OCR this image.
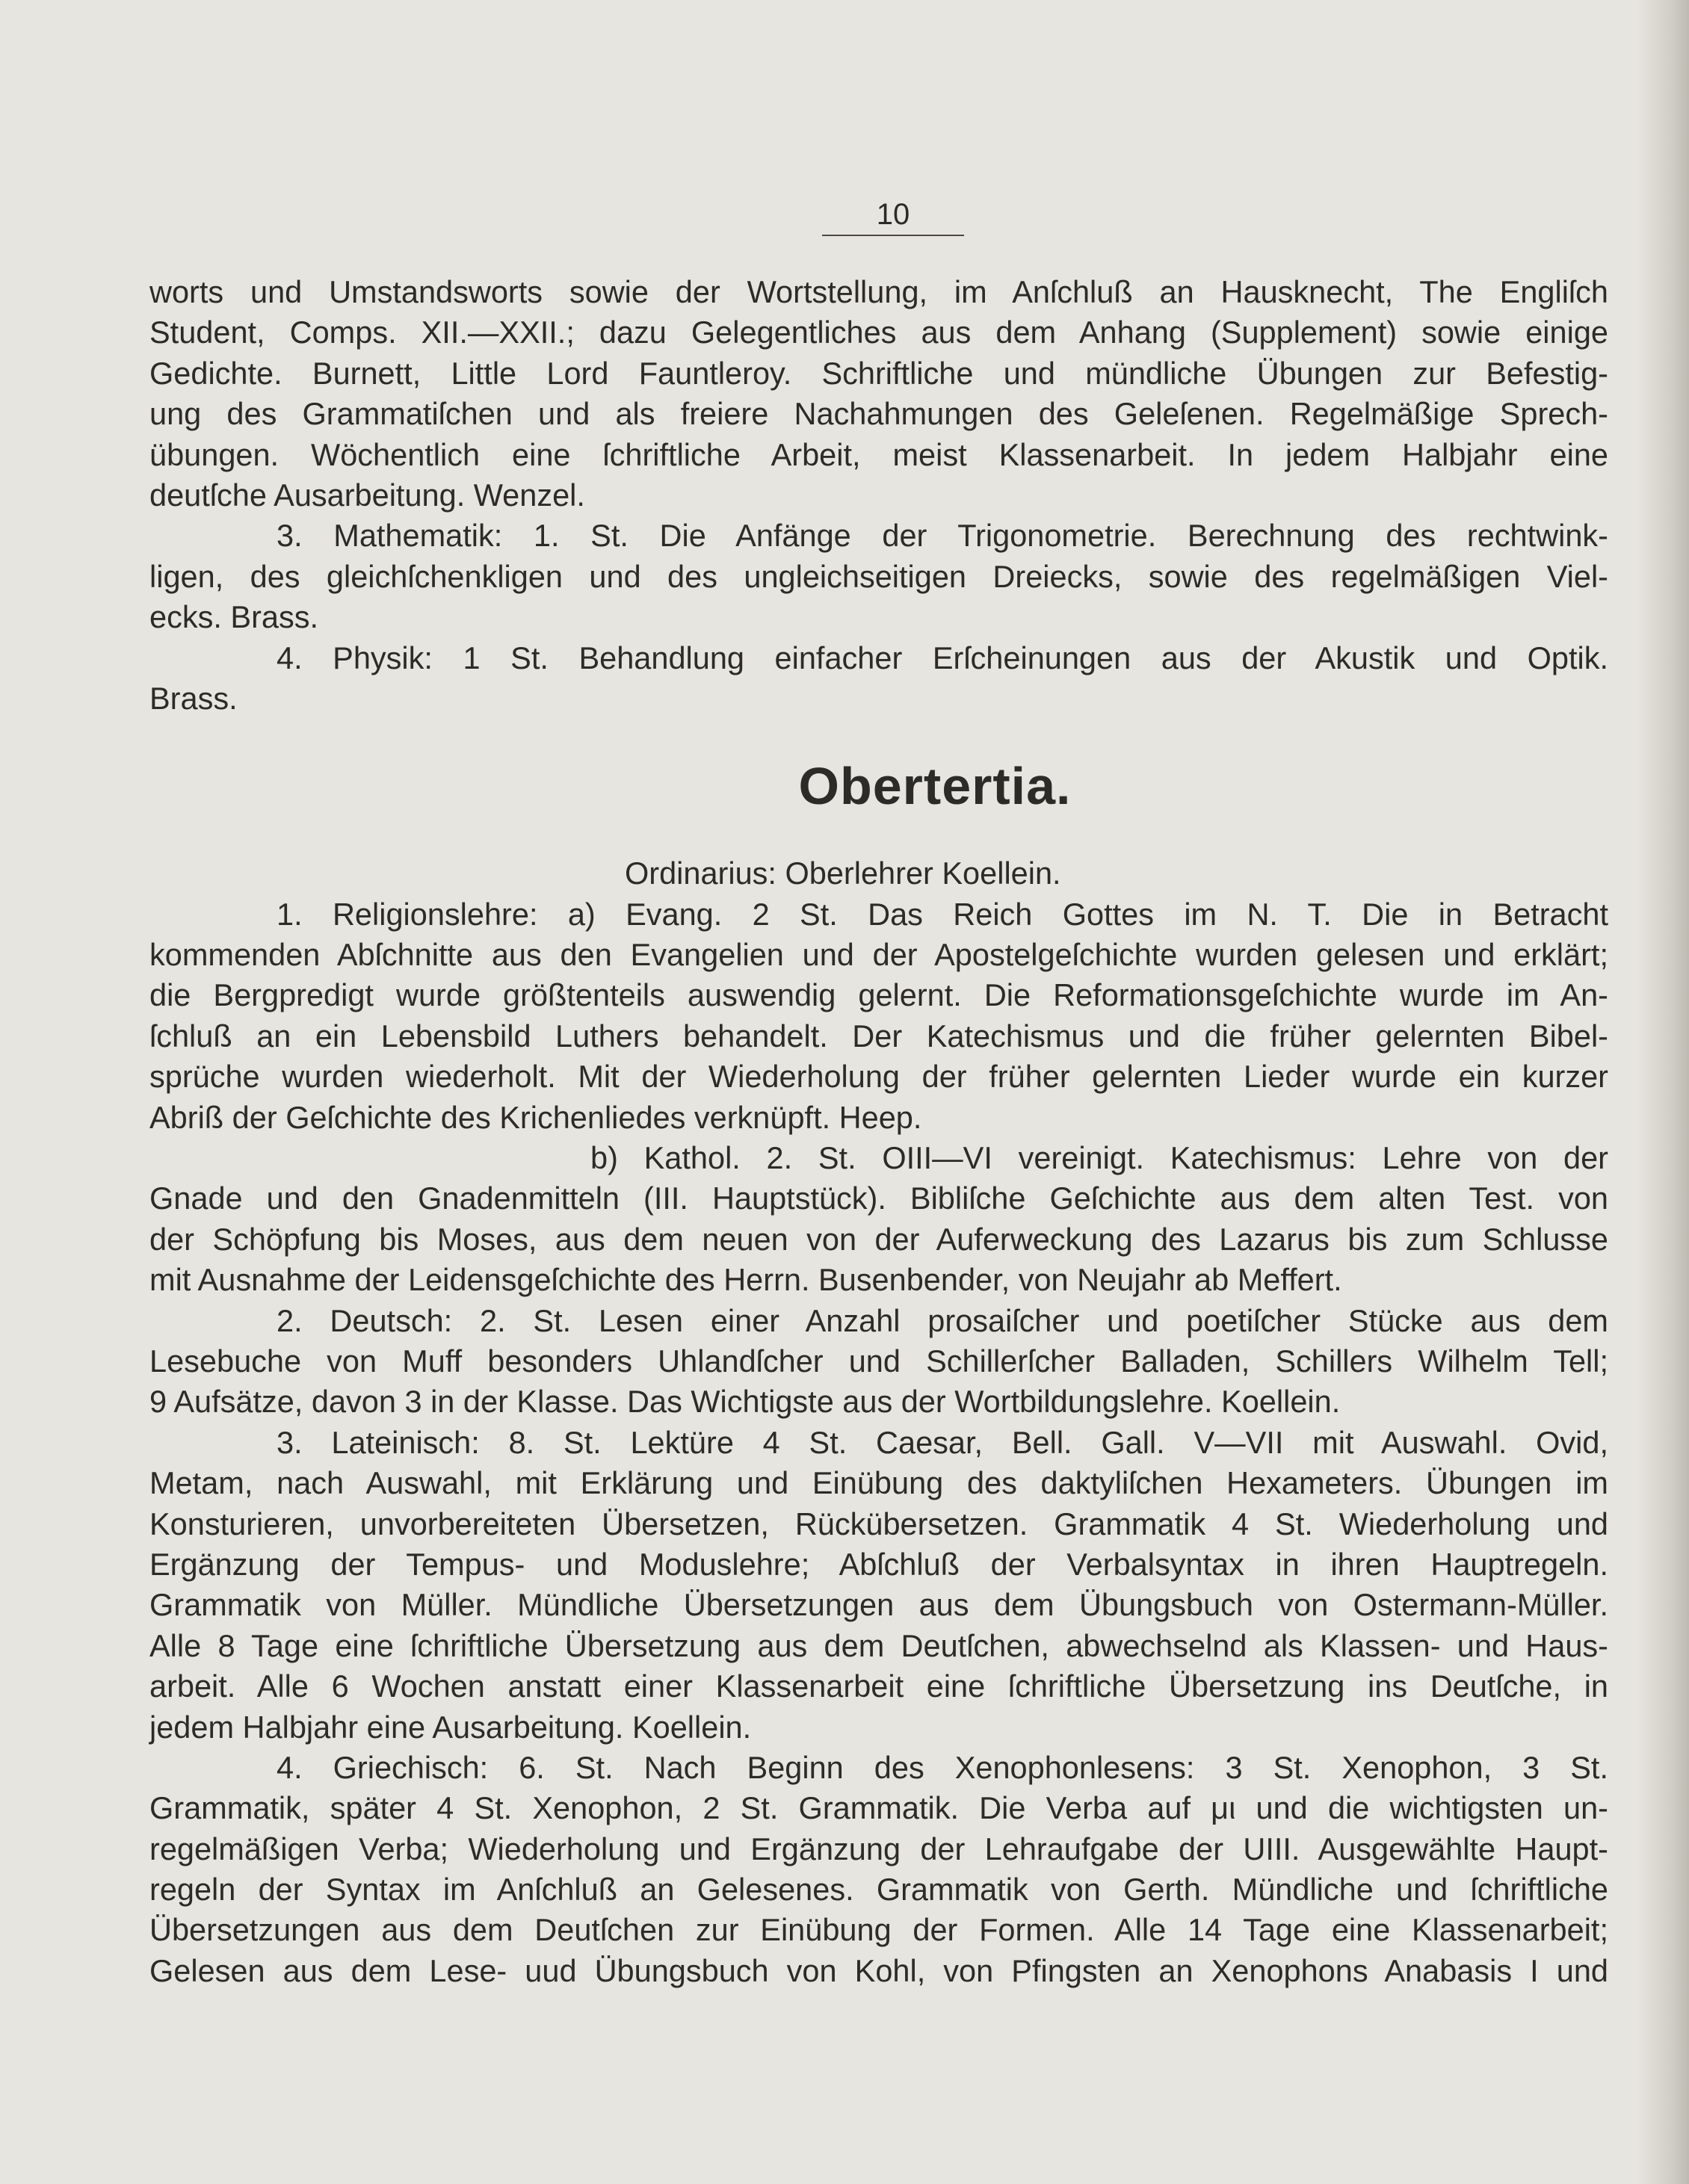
10
worts und Umstandsworts sowie der Wortstellung, im Anſchluß an Hausknecht, The Engliſch
Student, Comps. XII.—XXII.; dazu Gelegentliches aus dem Anhang (Supplement) sowie einige
Gedichte. Burnett, Little Lord Fauntleroy. Schriftliche und mündliche Übungen zur Befestig-
ung des Grammatiſchen und als freiere Nachahmungen des Geleſenen. Regelmäßige Sprech-
übungen. Wöchentlich eine ſchriftliche Arbeit, meist Klassenarbeit. In jedem Halbjahr eine
deutſche Ausarbeitung. Wenzel.
3. Mathematik: 1. St. Die Anfänge der Trigonometrie. Berechnung des rechtwink-
ligen, des gleichſchenkligen und des ungleichseitigen Dreiecks, sowie des regelmäßigen Viel-
ecks. Brass.
4. Physik: 1 St. Behandlung einfacher Erſcheinungen aus der Akustik und Optik.
Brass.
Obertertia.
Ordinarius: Oberlehrer Koellein.
1. Religionslehre: a) Evang. 2 St. Das Reich Gottes im N. T. Die in Betracht
kommenden Abſchnitte aus den Evangelien und der Apostelgeſchichte wurden gelesen und erklärt;
die Bergpredigt wurde größtenteils auswendig gelernt. Die Reformationsgeſchichte wurde im An-
ſchluß an ein Lebensbild Luthers behandelt. Der Katechismus und die früher gelernten Bibel-
sprüche wurden wiederholt. Mit der Wiederholung der früher gelernten Lieder wurde ein kurzer
Abriß der Geſchichte des Krichenliedes verknüpft. Heep.
b) Kathol. 2. St. OIII—VI vereinigt. Katechismus: Lehre von der
Gnade und den Gnadenmitteln (III. Hauptstück). Bibliſche Geſchichte aus dem alten Test. von
der Schöpfung bis Moses, aus dem neuen von der Auferweckung des Lazarus bis zum Schlusse
mit Ausnahme der Leidensgeſchichte des Herrn. Busenbender, von Neujahr ab Meffert.
2. Deutsch: 2. St. Lesen einer Anzahl prosaiſcher und poetiſcher Stücke aus dem
Lesebuche von Muff besonders Uhlandſcher und Schillerſcher Balladen, Schillers Wilhelm Tell;
9 Aufsätze, davon 3 in der Klasse. Das Wichtigste aus der Wortbildungslehre. Koellein.
3. Lateinisch: 8. St. Lektüre 4 St. Caesar, Bell. Gall. V—VII mit Auswahl. Ovid,
Metam, nach Auswahl, mit Erklärung und Einübung des daktyliſchen Hexameters. Übungen im
Konsturieren, unvorbereiteten Übersetzen, Rückübersetzen. Grammatik 4 St. Wiederholung und
Ergänzung der Tempus- und Moduslehre; Abſchluß der Verbalsyntax in ihren Hauptregeln.
Grammatik von Müller. Mündliche Übersetzungen aus dem Übungsbuch von Ostermann-Müller.
Alle 8 Tage eine ſchriftliche Übersetzung aus dem Deutſchen, abwechselnd als Klassen- und Haus-
arbeit. Alle 6 Wochen anstatt einer Klassenarbeit eine ſchriftliche Übersetzung ins Deutſche, in
jedem Halbjahr eine Ausarbeitung. Koellein.
4. Griechisch: 6. St. Nach Beginn des Xenophonlesens: 3 St. Xenophon, 3 St.
Grammatik, später 4 St. Xenophon, 2 St. Grammatik. Die Verba auf μι und die wichtigsten un-
regelmäßigen Verba; Wiederholung und Ergänzung der Lehraufgabe der UIII. Ausgewählte Haupt-
regeln der Syntax im Anſchluß an Gelesenes. Grammatik von Gerth. Mündliche und ſchriftliche
Übersetzungen aus dem Deutſchen zur Einübung der Formen. Alle 14 Tage eine Klassenarbeit;
Gelesen aus dem Lese- uud Übungsbuch von Kohl, von Pfingsten an Xenophons Anabasis I und
